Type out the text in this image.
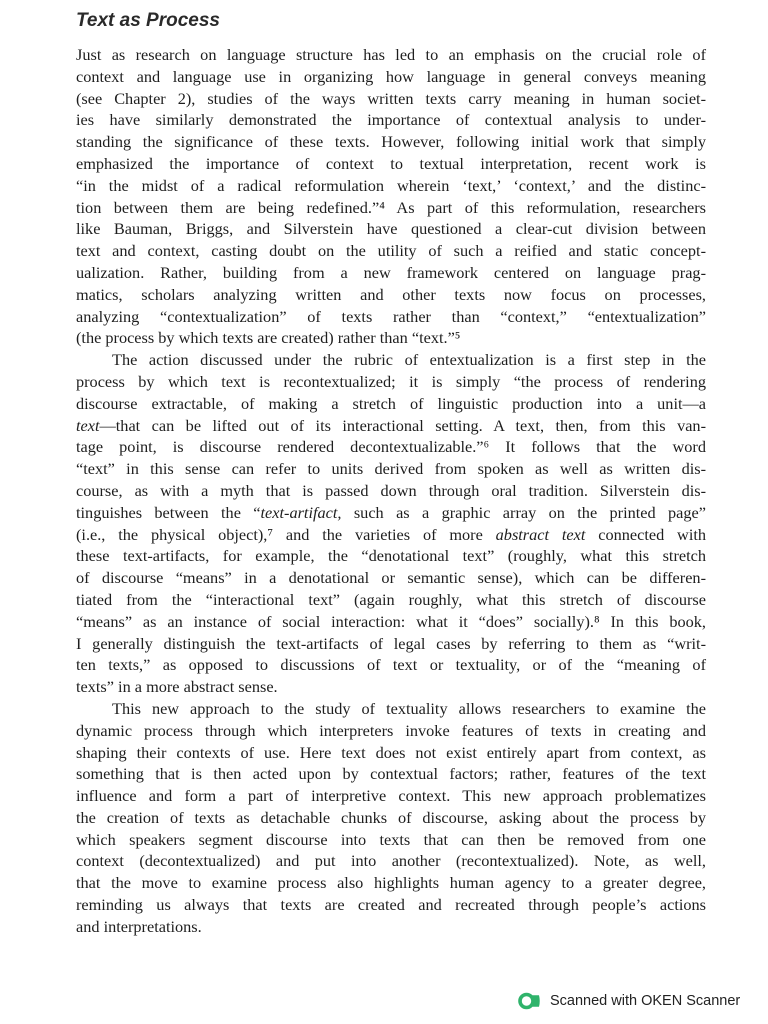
Text as Process
Just as research on language structure has led to an emphasis on the crucial role of
context and language use in organizing how language in general conveys meaning
(see Chapter 2), studies of the ways written texts carry meaning in human societ-
ies have similarly demonstrated the importance of contextual analysis to under-
standing the significance of these texts. However, following initial work that simply
emphasized the importance of context to textual interpretation, recent work is
“in the midst of a radical reformulation wherein ‘text,’ ‘context,’ and the distinc-
tion between them are being redefined.”⁴ As part of this reformulation, researchers
like Bauman, Briggs, and Silverstein have questioned a clear-cut division between
text and context, casting doubt on the utility of such a reified and static concept-
ualization. Rather, building from a new framework centered on language prag-
matics, scholars analyzing written and other texts now focus on processes,
analyzing “contextualization” of texts rather than “context,” “entextualization”
(the process by which texts are created) rather than “text.”⁵
The action discussed under the rubric of entextualization is a first step in the
process by which text is recontextualized; it is simply “the process of rendering
discourse extractable, of making a stretch of linguistic production into a unit—a
text—that can be lifted out of its interactional setting. A text, then, from this van-
tage point, is discourse rendered decontextualizable.”⁶ It follows that the word
“text” in this sense can refer to units derived from spoken as well as written dis-
course, as with a myth that is passed down through oral tradition. Silverstein dis-
tinguishes between the “text-artifact, such as a graphic array on the printed page”
(i.e., the physical object),⁷ and the varieties of more abstract text connected with
these text-artifacts, for example, the “denotational text” (roughly, what this stretch
of discourse “means” in a denotational or semantic sense), which can be differen-
tiated from the “interactional text” (again roughly, what this stretch of discourse
“means” as an instance of social interaction: what it “does” socially).⁸ In this book,
I generally distinguish the text-artifacts of legal cases by referring to them as “writ-
ten texts,” as opposed to discussions of text or textuality, or of the “meaning of
texts” in a more abstract sense.
This new approach to the study of textuality allows researchers to examine the
dynamic process through which interpreters invoke features of texts in creating and
shaping their contexts of use. Here text does not exist entirely apart from context, as
something that is then acted upon by contextual factors; rather, features of the text
influence and form a part of interpretive context. This new approach problematizes
the creation of texts as detachable chunks of discourse, asking about the process by
which speakers segment discourse into texts that can then be removed from one
context (decontextualized) and put into another (recontextualized). Note, as well,
that the move to examine process also highlights human agency to a greater degree,
reminding us always that texts are created and recreated through people’s actions
and interpretations.
Scanned with OKEN Scanner
